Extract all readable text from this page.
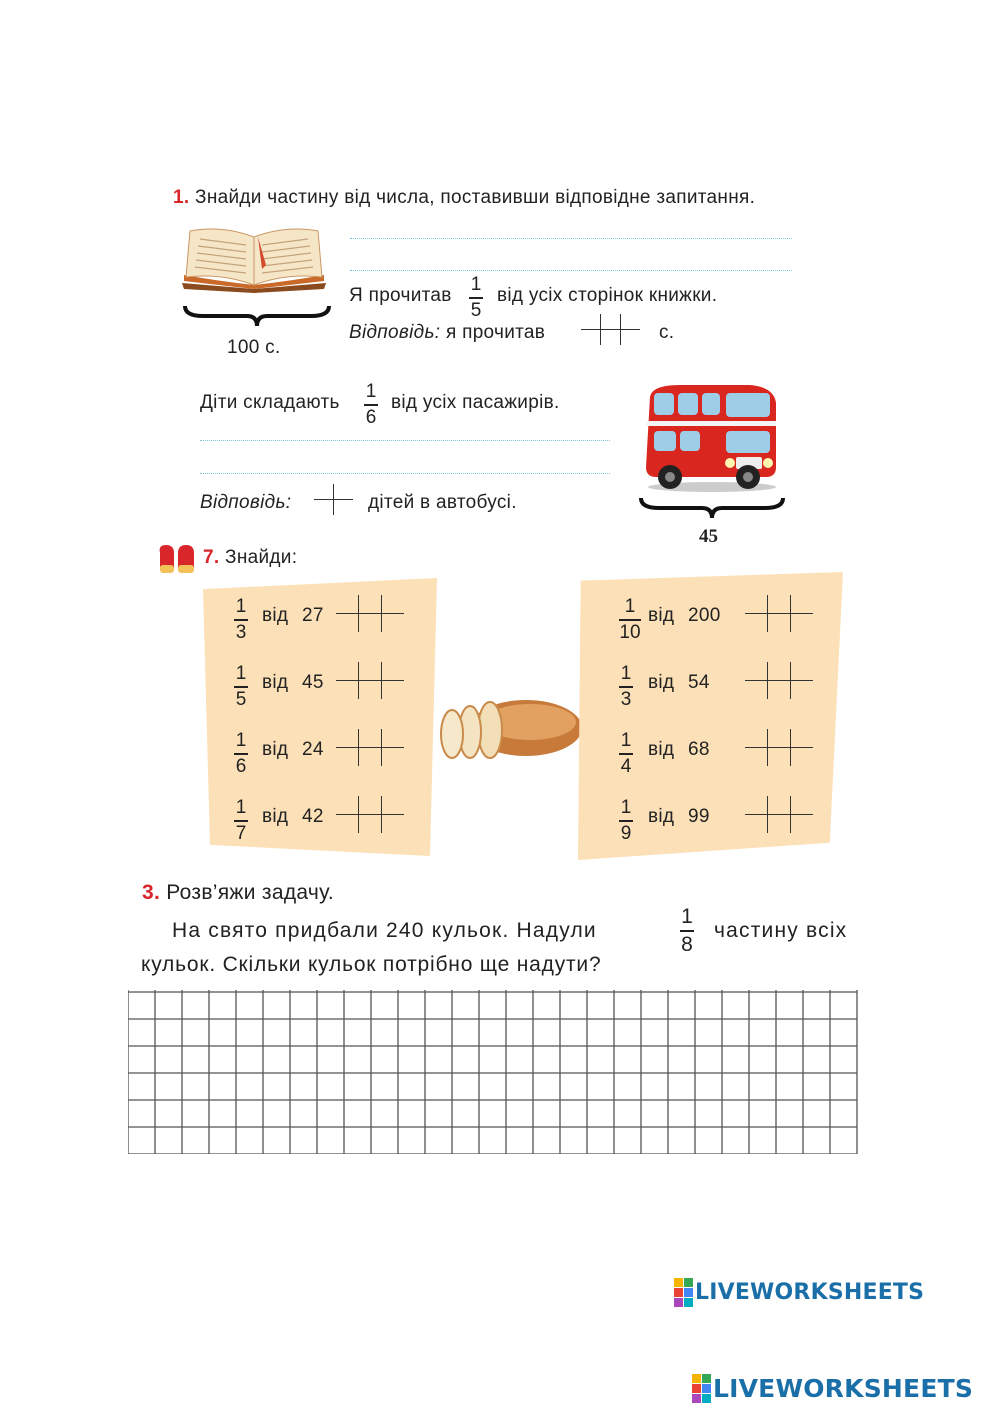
1. Знайди частину від числа, поставивши відповідне запитання.
100 с.
Я прочитав
1
5
від усіх сторінок книжки.
Відповідь: я прочитав

			с.
Діти складають
1
6
від усіх пасажирів.
Відповідь:

		дітей в автобусі.
45
7. Знайди:
1
3
від 27

1
5
від 45

1
6
від 24

1
7
від 42

1
10
від 200

1
3
від 54

1
4
від 68

1
9
від 99

3. Розв’яжи задачу.
На свято придбали 240 кульок. Надули
1
8
частину всіх
кульок. Скільки кульок потрібно ще надути?
LIVEWORKSHEETS
LIVEWORKSHEETS
